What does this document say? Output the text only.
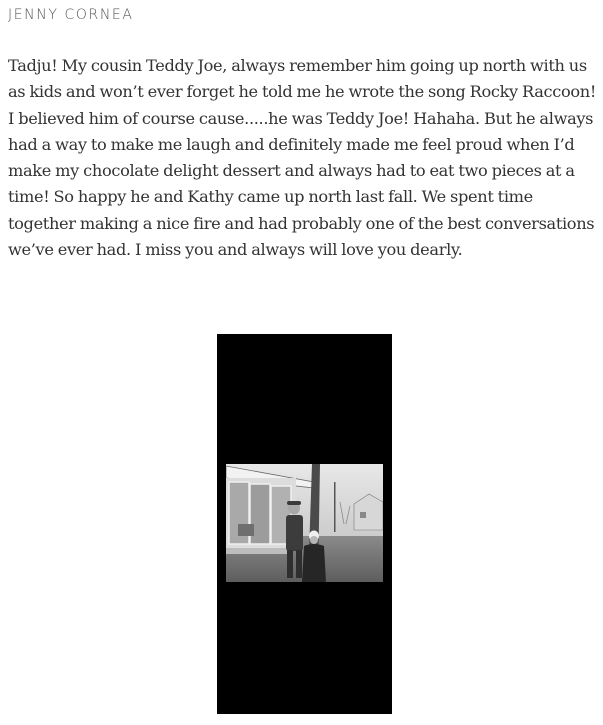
JENNY CORNEA
Tadju! My cousin Teddy Joe, always remember him going up north with us as kids and won’t ever forget he told me he wrote the song Rocky Raccoon! I believed him of course cause.....he was Teddy Joe! Hahaha. But he always had a way to make me laugh and definitely made me feel proud when I’d make my chocolate delight dessert and always had to eat two pieces at a time! So happy he and Kathy came up north last fall. We spent time together making a nice fire and had probably one of the best conversations we’ve ever had. I miss you and always will love you dearly.
